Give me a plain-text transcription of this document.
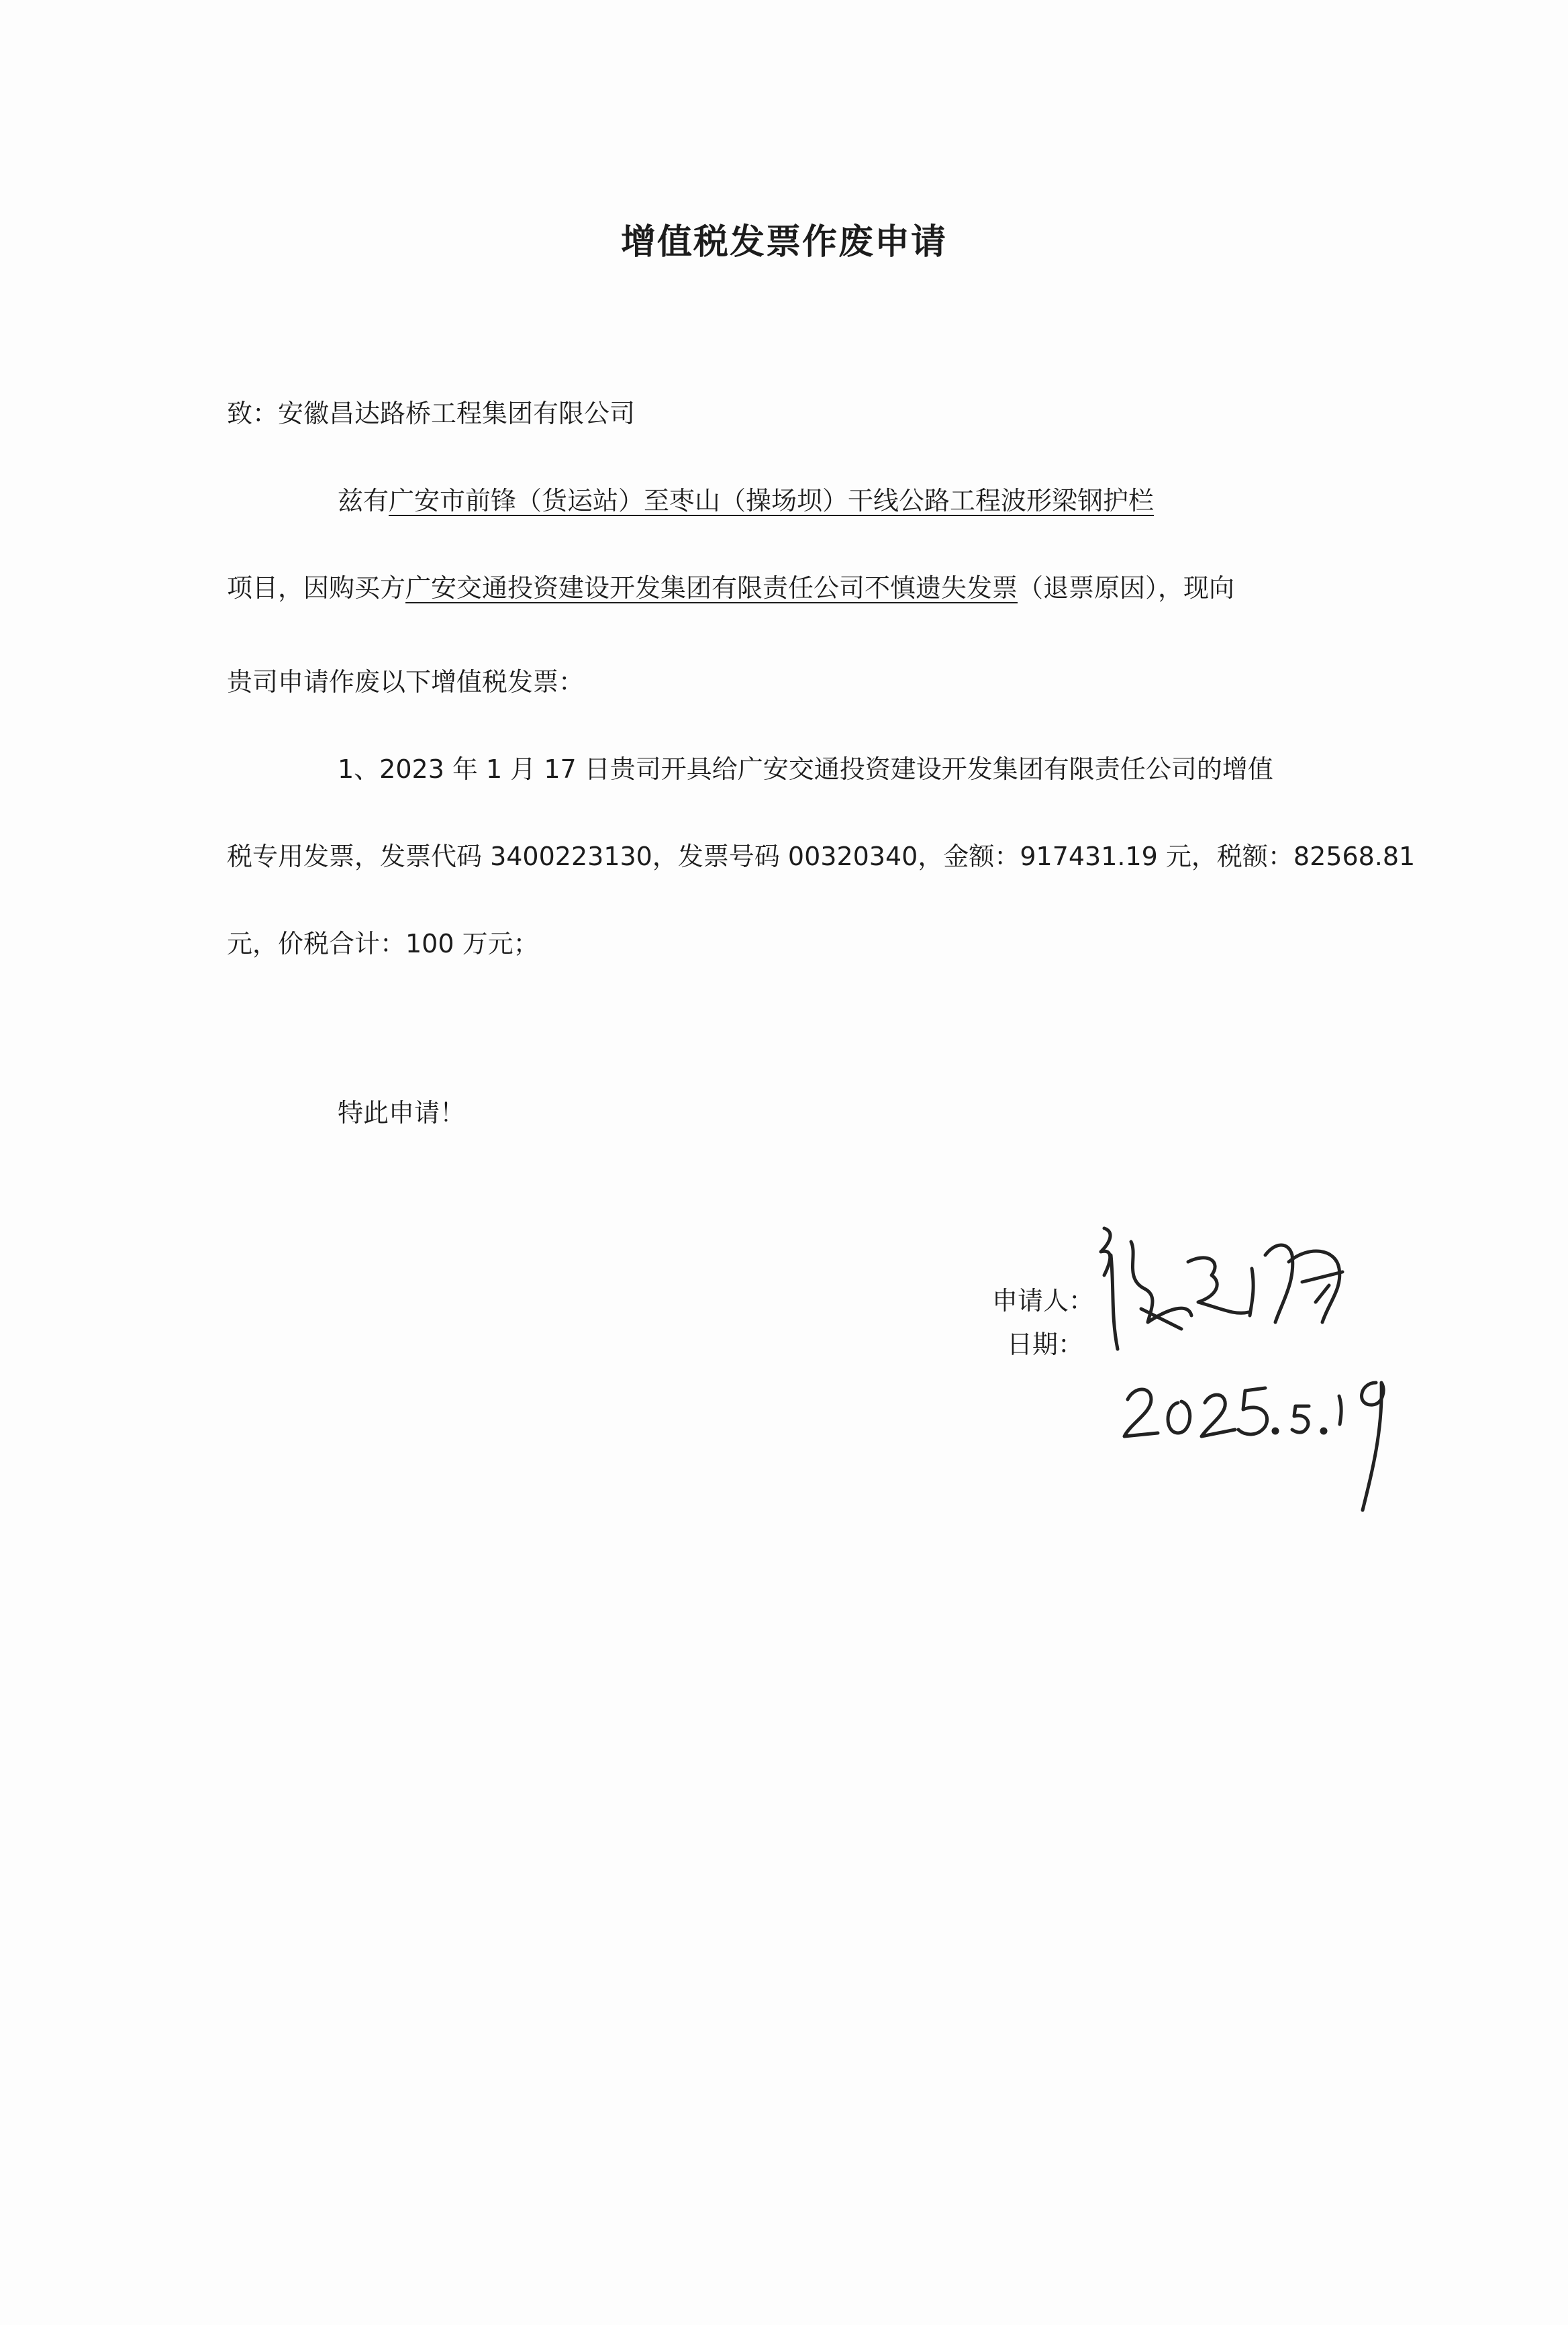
增值税发票作废申请
致：安徽昌达路桥工程集团有限公司
兹有广安市前锋（货运站）至枣山（操场坝）干线公路工程波形梁钢护栏
项目，因购买方广安交通投资建设开发集团有限责任公司不慎遗失发票（退票原因），现向
贵司申请作废以下增值税发票：
1、2023 年 1 月 17 日贵司开具给广安交通投资建设开发集团有限责任公司的增值
税专用发票，发票代码 3400223130，发票号码 00320340，金额：917431.19 元，税额：82568.81
元，价税合计：100 万元；
特此申请！
申请人：
日期：
